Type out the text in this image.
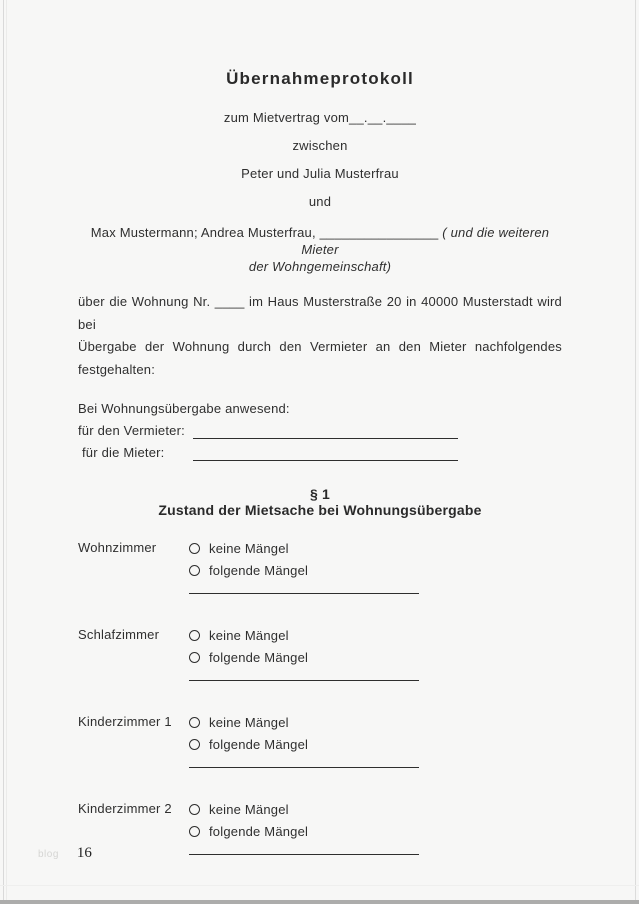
Übernahmeprotokoll
zum Mietvertrag vom__.__.____
zwischen
Peter und Julia Musterfrau
und
Max Mustermann; Andrea Musterfrau, ________________ ( und die weiteren Mieter
der Wohngemeinschaft)
über die Wohnung Nr. ____ im Haus Musterstraße 20 in 40000 Musterstadt wird bei
Übergabe der Wohnung durch den Vermieter an den Mieter nachfolgendes
festgehalten:
Bei Wohnungsübergabe anwesend:
für den Vermieter:
für die Mieter:
§ 1
Zustand der Mietsache bei Wohnungsübergabe
Wohnzimmer	keine Mängel
folgende Mängel
Schlafzimmer	keine Mängel
folgende Mängel
Kinderzimmer 1	keine Mängel
folgende Mängel
Kinderzimmer 2	keine Mängel
folgende Mängel
blog 16
